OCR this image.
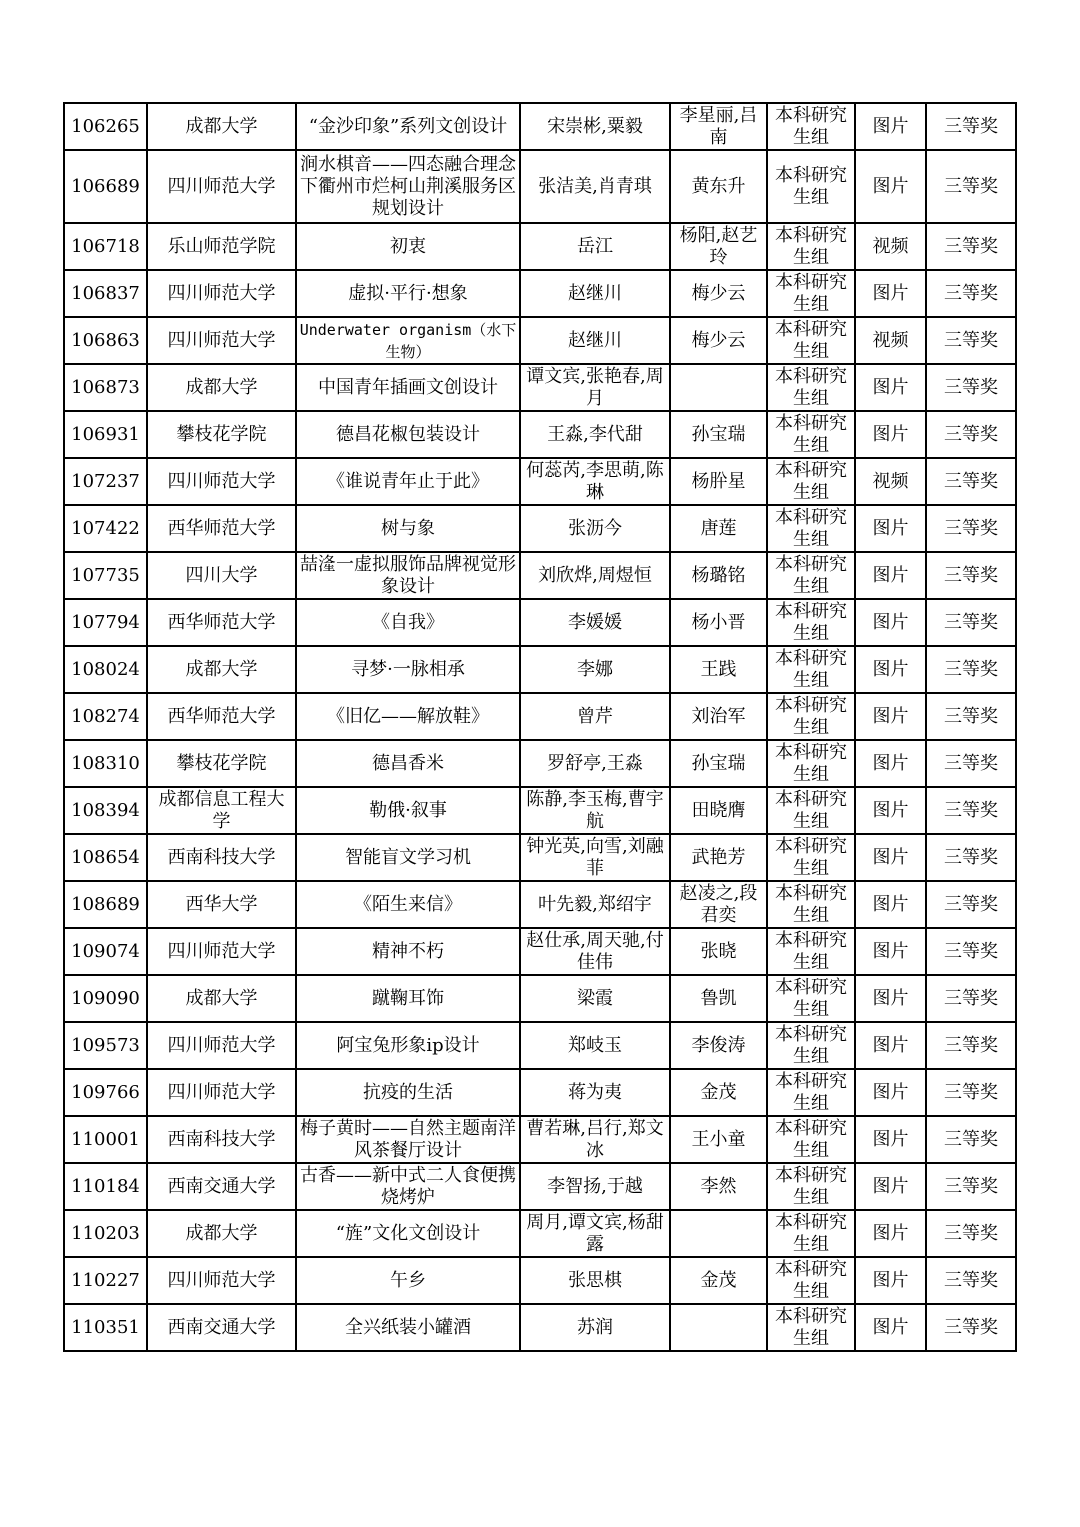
106265	成都大学	“金沙印象”系列文创设计	宋崇彬,粟毅	李星丽,吕南	本科研究生组	图片	三等奖
106689	四川师范大学	涧水棋音——四态融合理念下衢州市烂柯山荆溪服务区规划设计	张洁美,肖青琪	黄东升	本科研究生组	图片	三等奖
106718	乐山师范学院	初衷	岳江	杨阳,赵艺玲	本科研究生组	视频	三等奖
106837	四川师范大学	虚拟·平行·想象	赵继川	梅少云	本科研究生组	图片	三等奖
106863	四川师范大学	Underwater organism（水下生物）	赵继川	梅少云	本科研究生组	视频	三等奖
106873	成都大学	中国青年插画文创设计	谭文宾,张艳春,周月		本科研究生组	图片	三等奖
106931	攀枝花学院	德昌花椒包装设计	王淼,李代甜	孙宝瑞	本科研究生组	图片	三等奖
107237	四川师范大学	《谁说青年止于此》	何蕊芮,李思萌,陈琳	杨肸星	本科研究生组	视频	三等奖
107422	西华师范大学	树与象	张沥今	唐莲	本科研究生组	图片	三等奖
107735	四川大学	喆湰一虚拟服饰品牌视觉形象设计	刘欣烨,周煜恒	杨璐铭	本科研究生组	图片	三等奖
107794	西华师范大学	《自我》	李媛媛	杨小晋	本科研究生组	图片	三等奖
108024	成都大学	寻梦·一脉相承	李娜	王践	本科研究生组	图片	三等奖
108274	西华师范大学	《旧亿——解放鞋》	曾芹	刘治军	本科研究生组	图片	三等奖
108310	攀枝花学院	德昌香米	罗舒亭,王淼	孙宝瑞	本科研究生组	图片	三等奖
108394	成都信息工程大学	勒俄·叙事	陈静,李玉梅,曹宇航	田晓膺	本科研究生组	图片	三等奖
108654	西南科技大学	智能盲文学习机	钟光英,向雪,刘融菲	武艳芳	本科研究生组	图片	三等奖
108689	西华大学	《陌生来信》	叶先毅,郑绍宇	赵凌之,段君奕	本科研究生组	图片	三等奖
109074	四川师范大学	精神不朽	赵仕承,周天驰,付佳伟	张晓	本科研究生组	图片	三等奖
109090	成都大学	蹴鞠耳饰	梁霞	鲁凯	本科研究生组	图片	三等奖
109573	四川师范大学	阿宝兔形象ip设计	郑岐玉	李俊涛	本科研究生组	图片	三等奖
109766	四川师范大学	抗疫的生活	蒋为夷	金茂	本科研究生组	图片	三等奖
110001	西南科技大学	梅子黄时——自然主题南洋风茶餐厅设计	曹若琳,吕行,郑文冰	王小童	本科研究生组	图片	三等奖
110184	西南交通大学	古香——新中式二人食便携烧烤炉	李智扬,于越	李然	本科研究生组	图片	三等奖
110203	成都大学	“旌”文化文创设计	周月,谭文宾,杨甜露		本科研究生组	图片	三等奖
110227	四川师范大学	午乡	张思棋	金茂	本科研究生组	图片	三等奖
110351	西南交通大学	全兴纸装小罐酒	苏润		本科研究生组	图片	三等奖
